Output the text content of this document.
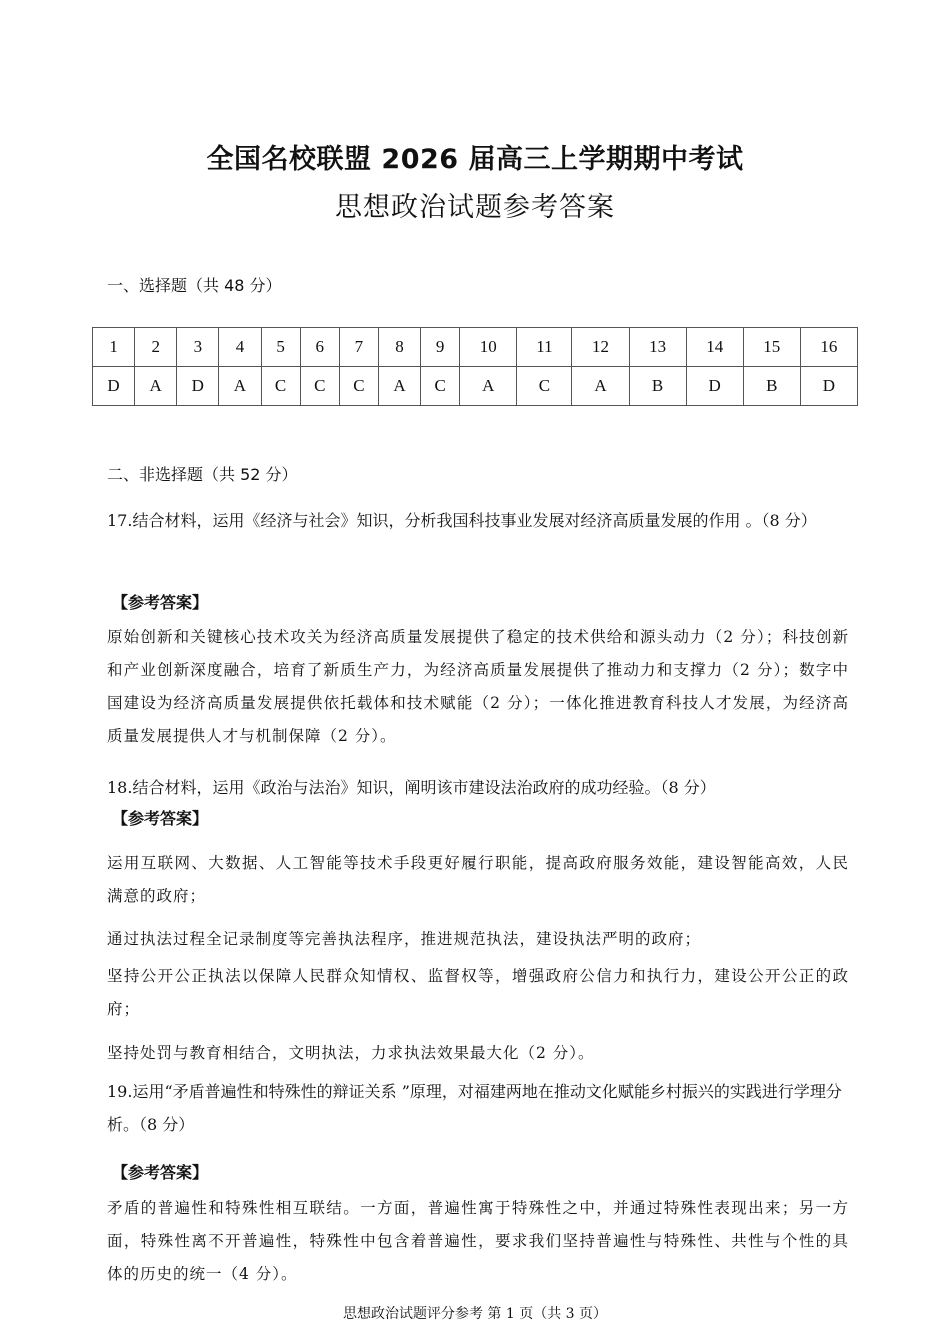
全国名校联盟 2026 届高三上学期期中考试
思想政治试题参考答案
一、选择题（共 48 分）
1	2	3	4	5	6	7	8	9	10	11	12	13	14	15	16
D	A	D	A	C	C	C	A	C	A	C	A	B	D	B	D
二、非选择题（共 52 分）
17.结合材料，运用《经济与社会》知识，分析我国科技事业发展对经济高质量发展的作用 。（8 分）
【参考答案】
原始创新和关键核心技术攻关为经济高质量发展提供了稳定的技术供给和源头动力（2 分）；科技创新和产业创新深度融合，培育了新质生产力，为经济高质量发展提供了推动力和支撑力（2 分）；数字中国建设为经济高质量发展提供依托载体和技术赋能（2 分）；一体化推进教育科技人才发展，为经济高质量发展提供人才与机制保障（2 分）。
18.结合材料，运用《政治与法治》知识，阐明该市建设法治政府的成功经验。（8 分）
【参考答案】
运用互联网、大数据、人工智能等技术手段更好履行职能，提高政府服务效能，建设智能高效，人民满意的政府；
通过执法过程全记录制度等完善执法程序，推进规范执法，建设执法严明的政府；
坚持公开公正执法以保障人民群众知情权、监督权等，增强政府公信力和执行力，建设公开公正的政府；
坚持处罚与教育相结合，文明执法，力求执法效果最大化（2 分）。
19.运用“矛盾普遍性和特殊性的辩证关系 ”原理，对福建两地在推动文化赋能乡村振兴的实践进行学理分析。（8 分）
【参考答案】
矛盾的普遍性和特殊性相互联结。一方面，普遍性寓于特殊性之中，并通过特殊性表现出来；另一方面，特殊性离不开普遍性，特殊性中包含着普遍性，要求我们坚持普遍性与特殊性、共性与个性的具体的历史的统一（4 分）。
思想政治试题评分参考 第 1 页（共 3 页）
